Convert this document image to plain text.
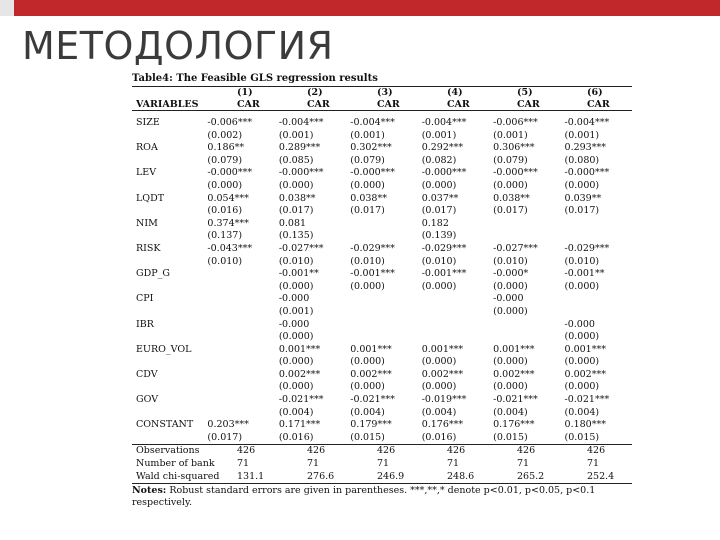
МЕТОДОЛОГИЯ
Table4: The Feasible GLS regression results
	(1)	(2)	(3)	(4)	(5)	(6)
VARIABLES	CAR	CAR	CAR	CAR	CAR	CAR

SIZE	-0.006***	-0.004***	-0.004***	-0.004***	-0.006***	-0.004***
	(0.002)	(0.001)	(0.001)	(0.001)	(0.001)	(0.001)
ROA	0.186**	0.289***	0.302***	0.292***	0.306***	0.293***
	(0.079)	(0.085)	(0.079)	(0.082)	(0.079)	(0.080)
LEV	-0.000***	-0.000***	-0.000***	-0.000***	-0.000***	-0.000***
	(0.000)	(0.000)	(0.000)	(0.000)	(0.000)	(0.000)
LQDT	0.054***	0.038**	0.038**	0.037**	0.038**	0.039**
	(0.016)	(0.017)	(0.017)	(0.017)	(0.017)	(0.017)
NIM	0.374***	0.081		0.182		
	(0.137)	(0.135)		(0.139)		
RISK	-0.043***	-0.027***	-0.029***	-0.029***	-0.027***	-0.029***
	(0.010)	(0.010)	(0.010)	(0.010)	(0.010)	(0.010)
GDP_G		-0.001**	-0.001***	-0.001***	-0.000*	-0.001**
		(0.000)	(0.000)	(0.000)	(0.000)	(0.000)
CPI		-0.000			-0.000	
		(0.001)			(0.000)	
IBR		-0.000				-0.000
		(0.000)				(0.000)
EURO_VOL		0.001***	0.001***	0.001***	0.001***	0.001***
		(0.000)	(0.000)	(0.000)	(0.000)	(0.000)
CDV		0.002***	0.002***	0.002***	0.002***	0.002***
		(0.000)	(0.000)	(0.000)	(0.000)	(0.000)
GOV		-0.021***	-0.021***	-0.019***	-0.021***	-0.021***
		(0.004)	(0.004)	(0.004)	(0.004)	(0.004)
CONSTANT	0.203***	0.171***	0.179***	0.176***	0.176***	0.180***
	(0.017)	(0.016)	(0.015)	(0.016)	(0.015)	(0.015)
Observations	426	426	426	426	426	426
Number of bank	71	71	71	71	71	71
Wald chi-squared	131.1	276.6	246.9	248.6	265.2	252.4
Notes: Robust standard errors are given in parentheses. ***,**,* denote p<0.01, p<0.05, p<0.1 respectively.
